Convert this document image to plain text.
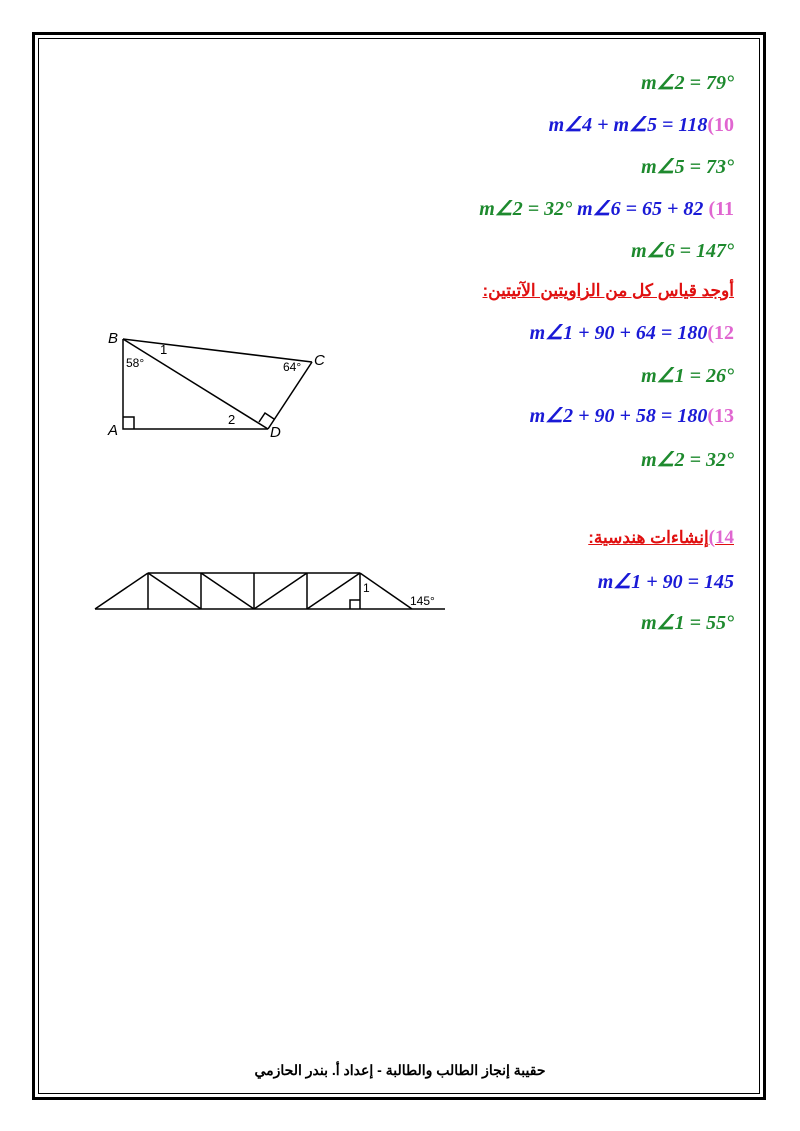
m∠2 = 79°
m∠4 + m∠5 = 118(10
m∠5 = 73°
m∠2 = 32° m∠6 = 65 + 82 (11
m∠6 = 147°
أوجد قياس كل من الزاويتين الآتيتين:
m∠1 + 90 + 64 = 180(12
m∠1 = 26°
m∠2 + 90 + 58 = 180(13
m∠2 = 32°
14)إنشاءات هندسية:
m∠1 + 90 = 145
m∠1 = 55°
B
C
A	D
58°	64°
1
2
1
145°
حقيبة إنجاز الطالب والطالبة - إعداد أ. بندر الحازمي
